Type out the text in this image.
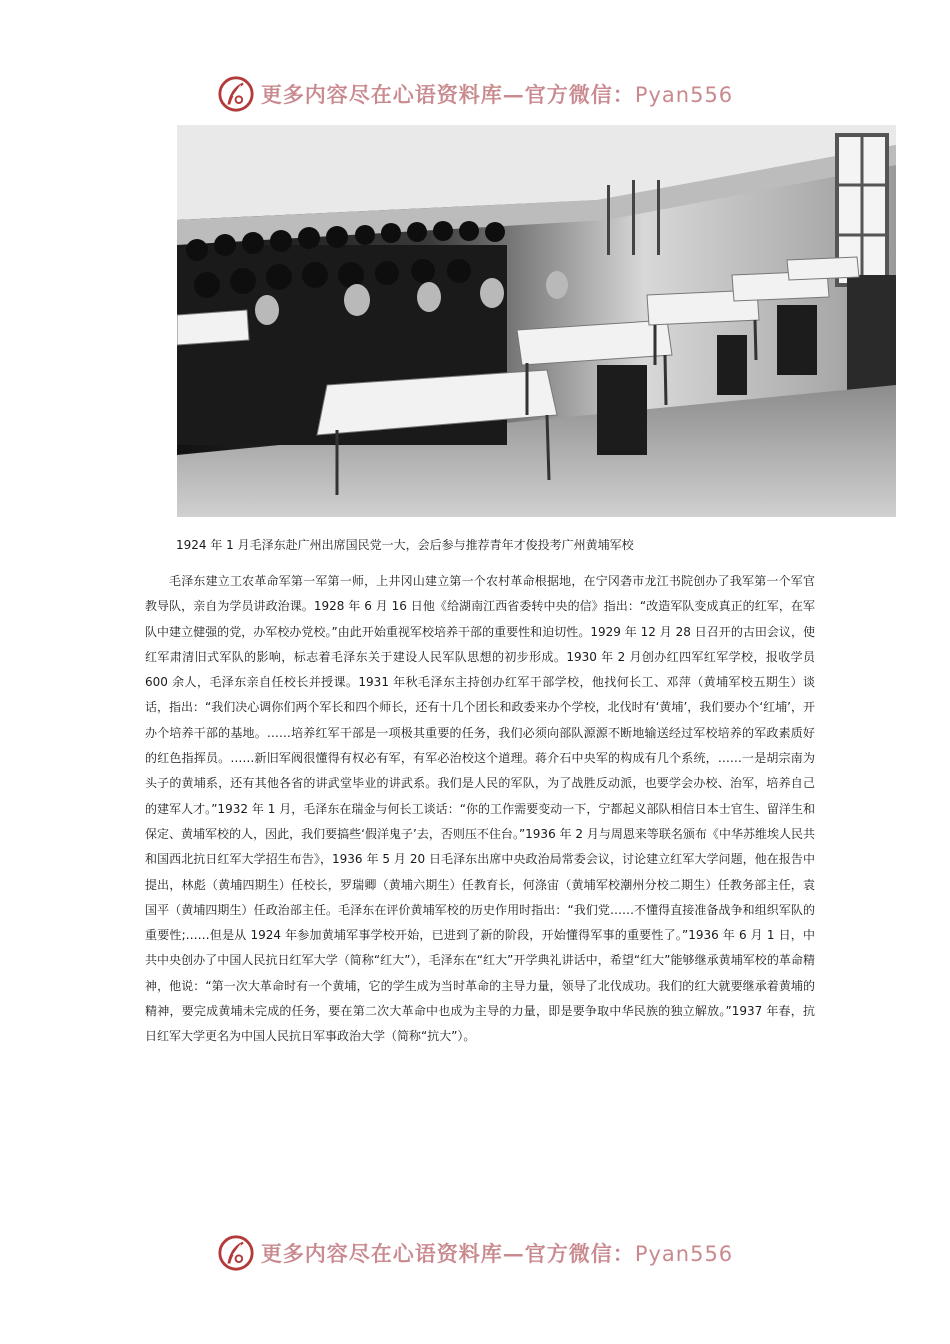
更多内容尽在心语资料库—官方微信：Pyan556
1924 年 1 月毛泽东赴广州出席国民党一大，会后参与推荐青年才俊投考广州黄埔军校

毛泽东建立工农革命军第一军第一师，上井冈山建立第一个农村革命根据地，在宁冈砻市龙江书院创办了我军第一个军官教导队，亲自为学员讲政治课。1928 年 6 月 16 日他《给湖南江西省委转中央的信》指出：“改造军队变成真正的红军，在军队中建立健强的党，办军校办党校。”由此开始重视军校培养干部的重要性和迫切性。1929 年 12 月 28 日召开的古田会议，使红军肃清旧式军队的影响，标志着毛泽东关于建设人民军队思想的初步形成。1930 年 2 月创办红四军红军学校，报收学员 600 余人，毛泽东亲自任校长并授课。1931 年秋毛泽东主持创办红军干部学校，他找何长工、邓萍（黄埔军校五期生）谈话，指出：“我们决心调你们两个军长和四个师长，还有十几个团长和政委来办个学校，北伐时有‘黄埔’，我们要办个‘红埔’，开办个培养干部的基地。……培养红军干部是一项极其重要的任务，我们必须向部队源源不断地输送经过军校培养的军政素质好的红色指挥员。……新旧军阀很懂得有权必有军，有军必治校这个道理。蒋介石中央军的构成有几个系统，……一是胡宗南为头子的黄埔系，还有其他各省的讲武堂毕业的讲武系。我们是人民的军队，为了战胜反动派，也要学会办校、治军，培养自己的建军人才。”1932 年 1 月，毛泽东在瑞金与何长工谈话：“你的工作需要变动一下，宁都起义部队相信日本士官生、留洋生和保定、黄埔军校的人，因此，我们要搞些‘假洋鬼子’去，否则压不住台。”1936 年 2 月与周恩来等联名颁布《中华苏维埃人民共和国西北抗日红军大学招生布告》，1936 年 5 月 20 日毛泽东出席中央政治局常委会议，讨论建立红军大学问题，他在报告中提出，林彪（黄埔四期生）任校长，罗瑞卿（黄埔六期生）任教育长，何涤宙（黄埔军校潮州分校二期生）任教务部主任，袁国平（黄埔四期生）任政治部主任。毛泽东在评价黄埔军校的历史作用时指出：“我们党……不懂得直接准备战争和组织军队的重要性;……但是从 1924 年参加黄埔军事学校开始，已进到了新的阶段，开始懂得军事的重要性了。”1936 年 6 月 1 日，中共中央创办了中国人民抗日红军大学（简称“红大”），毛泽东在“红大”开学典礼讲话中，希望“红大”能够继承黄埔军校的革命精神，他说：“第一次大革命时有一个黄埔，它的学生成为当时革命的主导力量，领导了北伐成功。我们的红大就要继承着黄埔的精神，要完成黄埔未完成的任务，要在第二次大革命中也成为主导的力量，即是要争取中华民族的独立解放。”1937 年春，抗日红军大学更名为中国人民抗日军事政治大学（简称“抗大”）。

更多内容尽在心语资料库—官方微信：Pyan556
